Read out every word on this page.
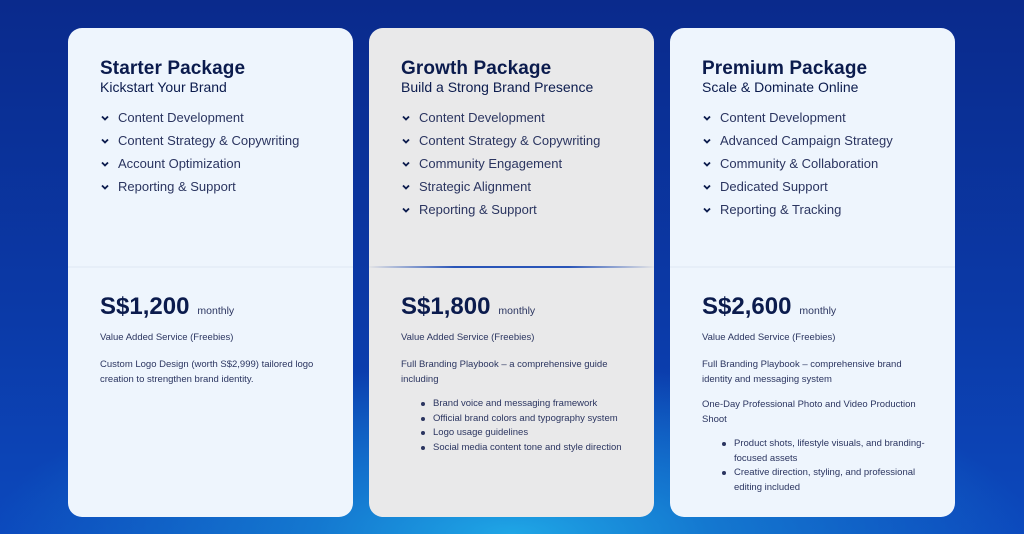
Starter Package
Kickstart Your Brand
Content Development
Content Strategy & Copywriting
Account Optimization
Reporting & Support
S$1,200 monthly
Value Added Service (Freebies)

Custom Logo Design (worth S$2,999) tailored logo creation to strengthen brand identity.

Growth Package
Build a Strong Brand Presence
Content Development
Content Strategy & Copywriting
Community Engagement
Strategic Alignment
Reporting & Support
S$1,800 monthly
Value Added Service (Freebies)

Full Branding Playbook – a comprehensive guide including

Brand voice and messaging framework
Official brand colors and typography system
Logo usage guidelines
Social media content tone and style direction
Premium Package
Scale & Dominate Online
Content Development
Advanced Campaign Strategy
Community & Collaboration
Dedicated Support
Reporting & Tracking
S$2,600 monthly
Value Added Service (Freebies)

Full Branding Playbook – comprehensive brand identity and messaging system

One-Day Professional Photo and Video Production Shoot

Product shots, lifestyle visuals, and branding-focused assets
Creative direction, styling, and professional editing included
